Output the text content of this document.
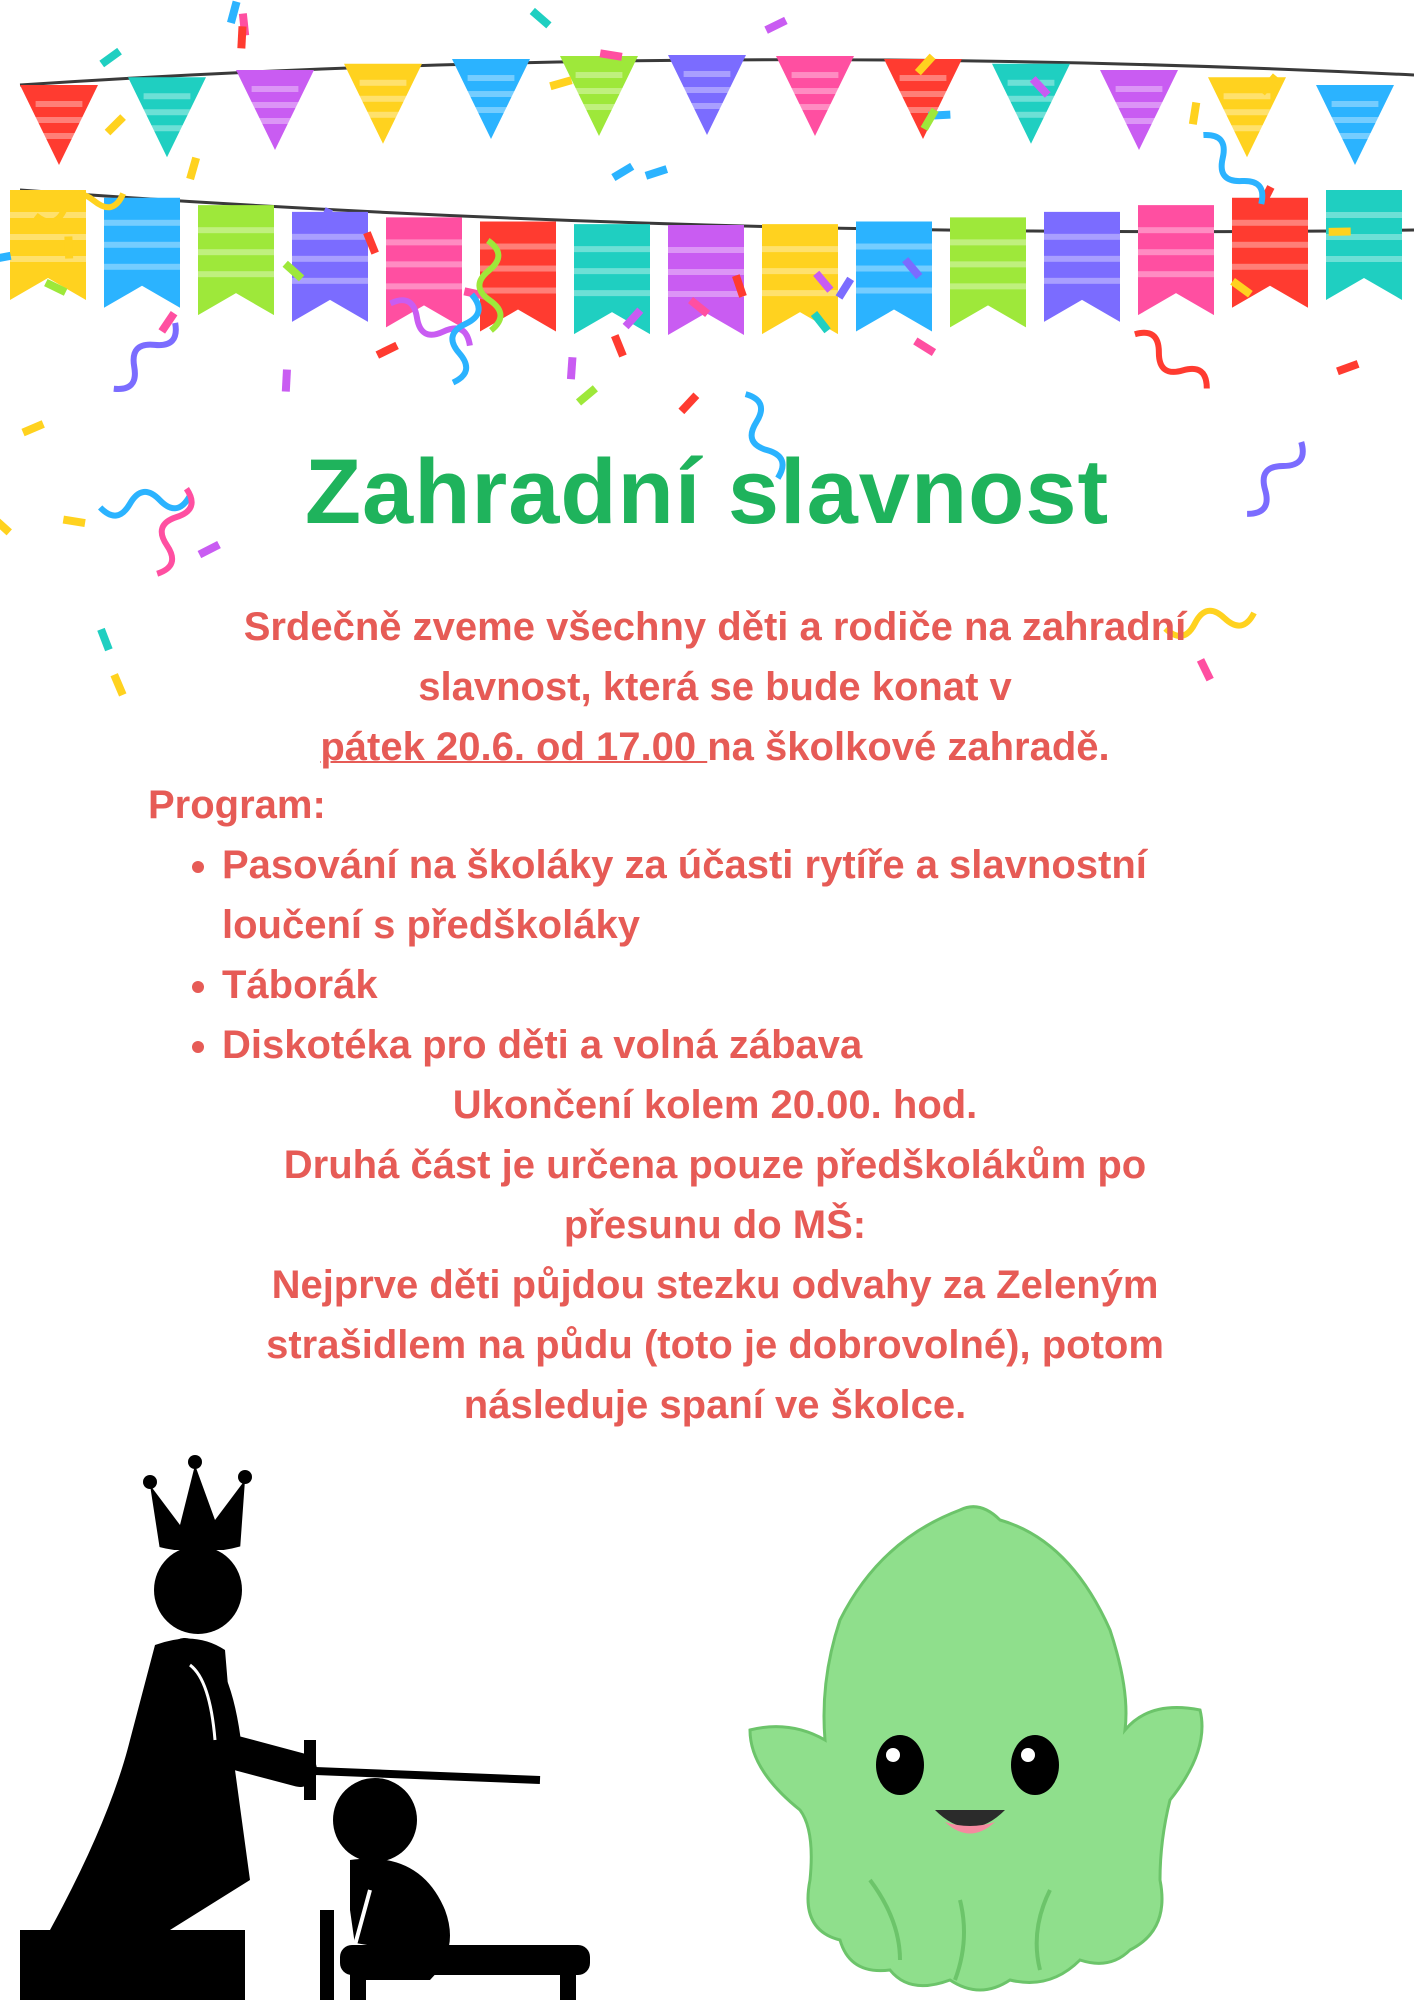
Zahradní slavnost
Srdečně zveme všechny děti a rodiče na zahradní
slavnost, která se bude konat v
pátek 20.6. od 17.00 na školkové zahradě.
Program:
• Pasování na školáky za účasti rytíře a slavnostní loučení s předškoláky
• Táborák
• Diskotéka pro děti a volná zábava
Ukončení kolem 20.00. hod.
Druhá část je určena pouze předškolákům po
přesunu do MŠ:
Nejprve děti půjdou stezku odvahy za Zeleným
strašidlem na půdu (toto je dobrovolné), potom
následuje spaní ve školce.
